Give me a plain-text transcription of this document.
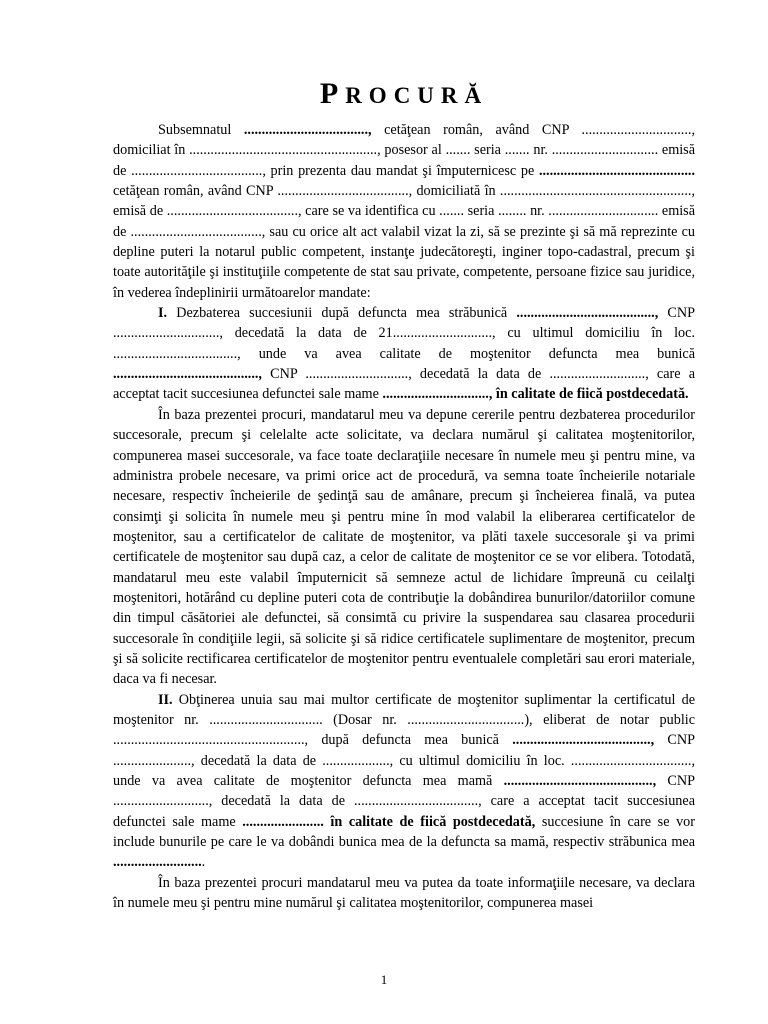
PROCURĂ

Subsemnatul ..................................., cetăţean român, având CNP ..............................., domiciliat în ....................................................., posesor al ....... seria ....... nr. .............................. emisă de ....................................., prin prezenta dau mandat şi împuternicesc pe ............................................ cetăţean român, având CNP ....................................., domiciliată în ......................................................, emisă de ....................................., care se va identifica cu ....... seria ........ nr. ............................... emisă de ....................................., sau cu orice alt act valabil vizat la zi, să se prezinte şi să mă reprezinte cu depline puteri la notarul public competent, instanţe judecătoreşti, inginer topo-cadastral, precum şi toate autorităţile şi instituţiile competente de stat sau private, competente, persoane fizice sau juridice, în vederea îndeplinirii următoarelor mandate:

I. Dezbaterea succesiunii după defuncta mea străbunică ......................................., CNP .............................., decedată la data de 21............................, cu ultimul domiciliu în loc. ..................................., unde va avea calitate de moştenitor defuncta mea bunică ........................................., CNP ............................., decedată la data de ..........................., care a acceptat tacit succesiunea defunctei sale mame .............................., în calitate de fiică postdecedată.

În baza prezentei procuri, mandatarul meu va depune cererile pentru dezbaterea procedurilor succesorale, precum şi celelalte acte solicitate, va declara numărul şi calitatea moştenitorilor, compunerea masei succesorale, va face toate declaraţiile necesare în numele meu şi pentru mine, va administra probele necesare, va primi orice act de procedură, va semna toate încheierile notariale necesare, respectiv încheierile de şedinţă sau de amânare, precum şi încheierea finală, va putea consimţi şi solicita în numele meu şi pentru mine în mod valabil la eliberarea certificatelor de moştenitor, sau a certificatelor de calitate de moştenitor, va plăti taxele succesorale şi va primi certificatele de moştenitor sau după caz, a celor de calitate de moştenitor ce se vor elibera. Totodată, mandatarul meu este valabil împuternicit să semneze actul de lichidare împreună cu ceilalţi moştenitori, hotărând cu depline puteri cota de contribuţie la dobândirea bunurilor/datoriilor comune din timpul căsătoriei ale defunctei, să consimtă cu privire la suspendarea sau clasarea procedurii succesorale în condiţiile legii, să solicite şi să ridice certificatele suplimentare de moştenitor, precum şi să solicite rectificarea certificatelor de moştenitor pentru eventualele completări sau erori materiale, daca va fi necesar.

II. Obţinerea unuia sau mai multor certificate de moştenitor suplimentar la certificatul de moştenitor nr. ................................ (Dosar nr. .................................), eliberat de notar public ......................................................, după defuncta mea bunică ......................................., CNP ......................, decedată la data de ..................., cu ultimul domiciliu în loc. .................................., unde va avea calitate de moştenitor defuncta mea mamă .........................................., CNP ..........................., decedată la data de ..................................., care a acceptat tacit succesiunea defunctei sale mame ....................... în calitate de fiică postdecedată, succesiune în care se vor include bunurile pe care le va dobândi bunica mea de la defuncta sa mamă, respectiv străbunica mea ..........................

În baza prezentei procuri mandatarul meu va putea da toate informaţiile necesare, va declara în numele meu şi pentru mine numărul şi calitatea moştenitorilor, compunerea masei

1
